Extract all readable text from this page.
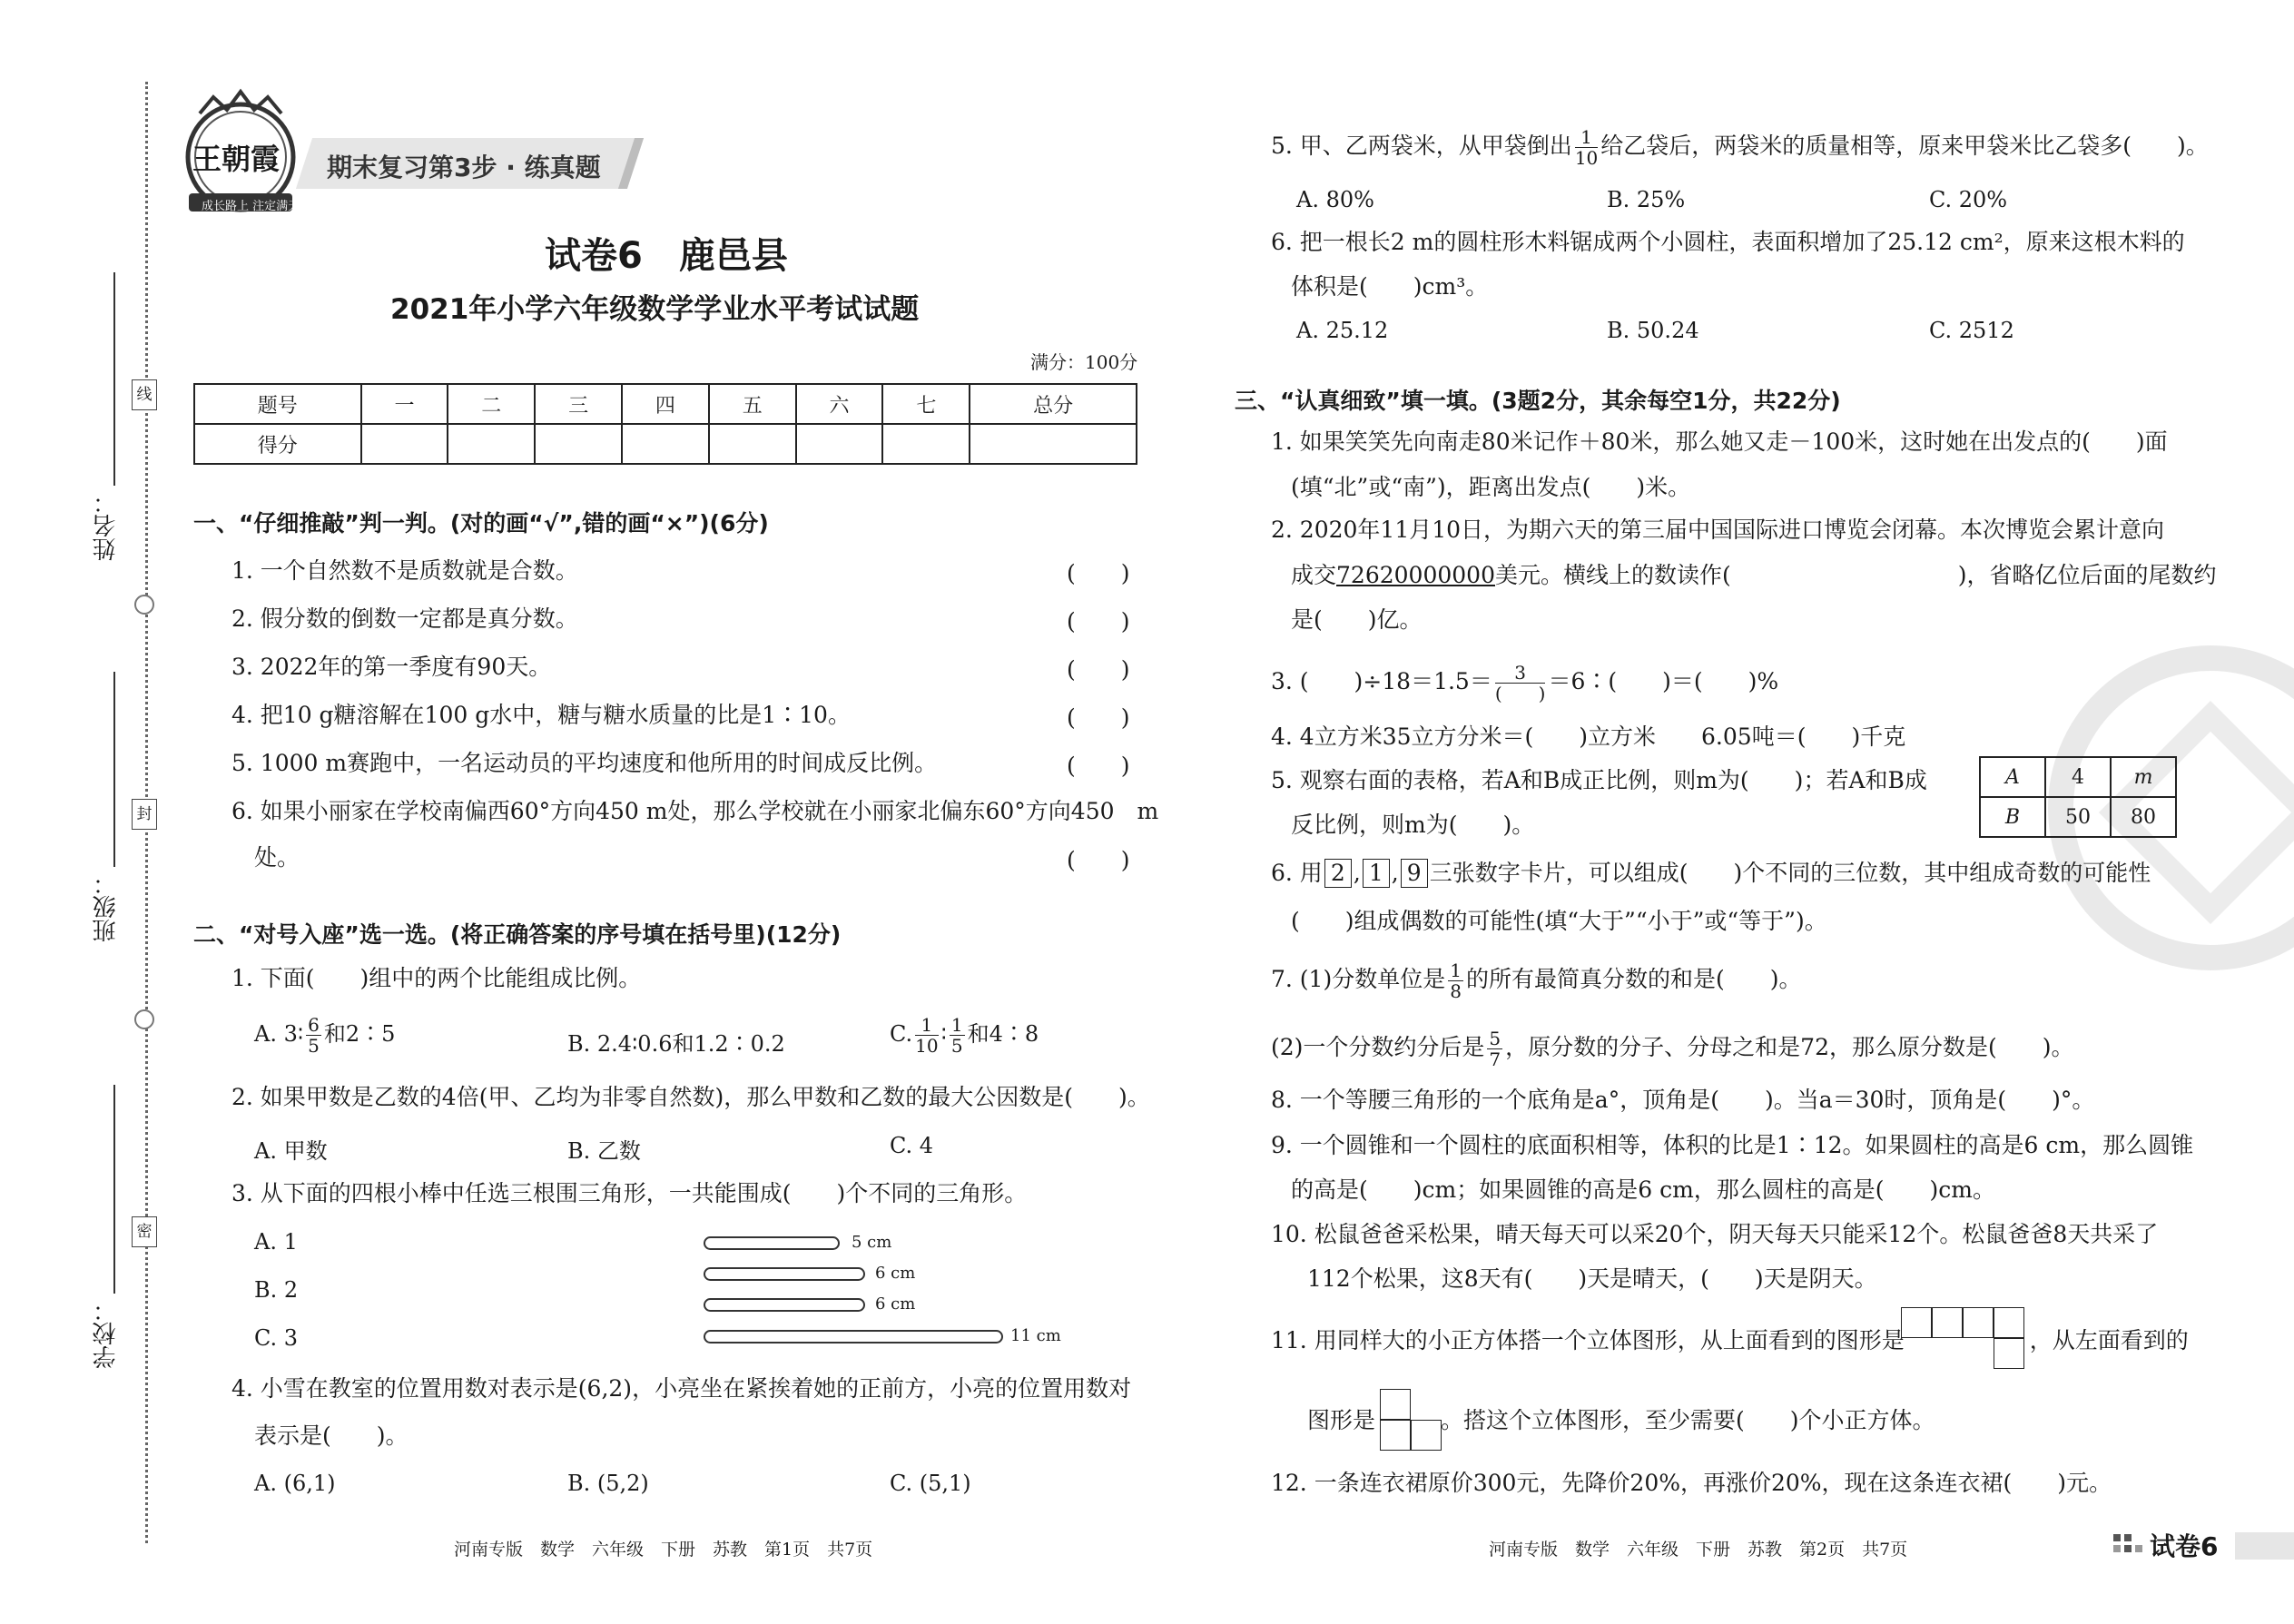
姓名：
班级：
学校：
线
封
密
王朝霞
成长路上 注定满天
期末复习第3步 · 练真题
试卷6　鹿邑县
2021年小学六年级数学学业水平考试试题
满分：100分
题号	一	二	三	四	五	六	七	总分
得分								
一、“仔细推敲”判一判。(对的画“√”,错的画“×”)(6分)
1. 一个自然数不是质数就是合数。
2. 假分数的倒数一定都是真分数。
3. 2022年的第一季度有90天。
4. 把10 g糖溶解在100 g水中，糖与糖水质量的比是1∶10。
5. 1000 m赛跑中，一名运动员的平均速度和他所用的时间成反比例。
6. 如果小丽家在学校南偏西60°方向450 m处，那么学校就在小丽家北偏东60°方向450　m
处。
(　　)
(　　)
(　　)
(　　)
(　　)
(　　)
二、“对号入座”选一选。(将正确答案的序号填在括号里)(12分)
1. 下面(　　)组中的两个比能组成比例。
A. 3∶ $\frac{6}{5}$ 和2∶5	B. 2.4∶0.6和1.2∶0.2	C. $\frac{1}{10}$ ∶ $\frac{1}{5}$ 和4∶8
2. 如果甲数是乙数的4倍(甲、乙均为非零自然数)，那么甲数和乙数的最大公因数是(　　)。
A. 甲数	B. 乙数	C. 4
3. 从下面的四根小棒中任选三根围三角形，一共能围成(　　)个不同的三角形。
A. 1
B. 2
C. 3
5 cm
6 cm
6 cm
11 cm
4. 小雪在教室的位置用数对表示是(6,2)，小亮坐在紧挨着她的正前方，小亮的位置用数对
表示是(　　)。
A. (6,1)	B. (5,2)	C. (5,1)
河南专版　数学　六年级　下册　苏教　第1页　共7页
5. 甲、乙两袋米，从甲袋倒出 $\frac{1}{10}$ 给乙袋后，两袋米的质量相等，原来甲袋米比乙袋多(　　)。
A. 80%	B. 25%	C. 20%
6. 把一根长2 m的圆柱形木料锯成两个小圆柱，表面积增加了25.12 cm²，原来这根木料的
体积是(　　)cm³。
A. 25.12	B. 50.24	C. 2512
三、“认真细致”填一填。(3题2分，其余每空1分，共22分)
1. 如果笑笑先向南走80米记作＋80米，那么她又走－100米，这时她在出发点的(　　)面
(填“北”或“南”)，距离出发点(　　)米。
2. 2020年11月10日，为期六天的第三届中国国际进口博览会闭幕。本次博览会累计意向
成交72620000000美元。横线上的数读作(　　　　　　　　　　)，省略亿位后面的尾数约
是(　　)亿。
3. (　　)$\div 18=1.5= \frac{3}{( )}$ ＝6∶(　　)＝(　　)%
4. 4立方米35立方分米＝(　　)立方米　　6.05吨＝(　　)千克
5. 观察右面的表格，若A和B成正比例，则m为(　　)；若A和B成
反比例，则m为(　　)。
A	4	m
B	50	80
6. 用 2 , 1 , 9 三张数字卡片，可以组成(　　)个不同的三位数，其中组成奇数的可能性
(　　)组成偶数的可能性(填“大于”“小于”或“等于”)。
7. (1)分数单位是 $\frac{1}{8}$ 的所有最简真分数的和是(　　)。
(2)一个分数约分后是 $\frac{5}{7}$ ，原分数的分子、分母之和是72，那么原分数是(　　)。
8. 一个等腰三角形的一个底角是a°，顶角是(　　)。当a＝30时，顶角是(　　)°。
9. 一个圆锥和一个圆柱的底面积相等，体积的比是1∶12。如果圆柱的高是6 cm，那么圆锥
的高是(　　)cm；如果圆锥的高是6 cm，那么圆柱的高是(　　)cm。
10. 松鼠爸爸采松果，晴天每天可以采20个，阴天每天只能采12个。松鼠爸爸8天共采了
112个松果，这8天有(　　)天是晴天，(　　)天是阴天。
11. 用同样大的小正方体搭一个立体图形，从上面看到的图形是	，从左面看到的
图形是	。搭这个立体图形，至少需要(　　)个小正方体。
12. 一条连衣裙原价300元，先降价20%，再涨价20%，现在这条连衣裙(　　)元。
河南专版　数学　六年级　下册　苏教　第2页　共7页	试卷6
